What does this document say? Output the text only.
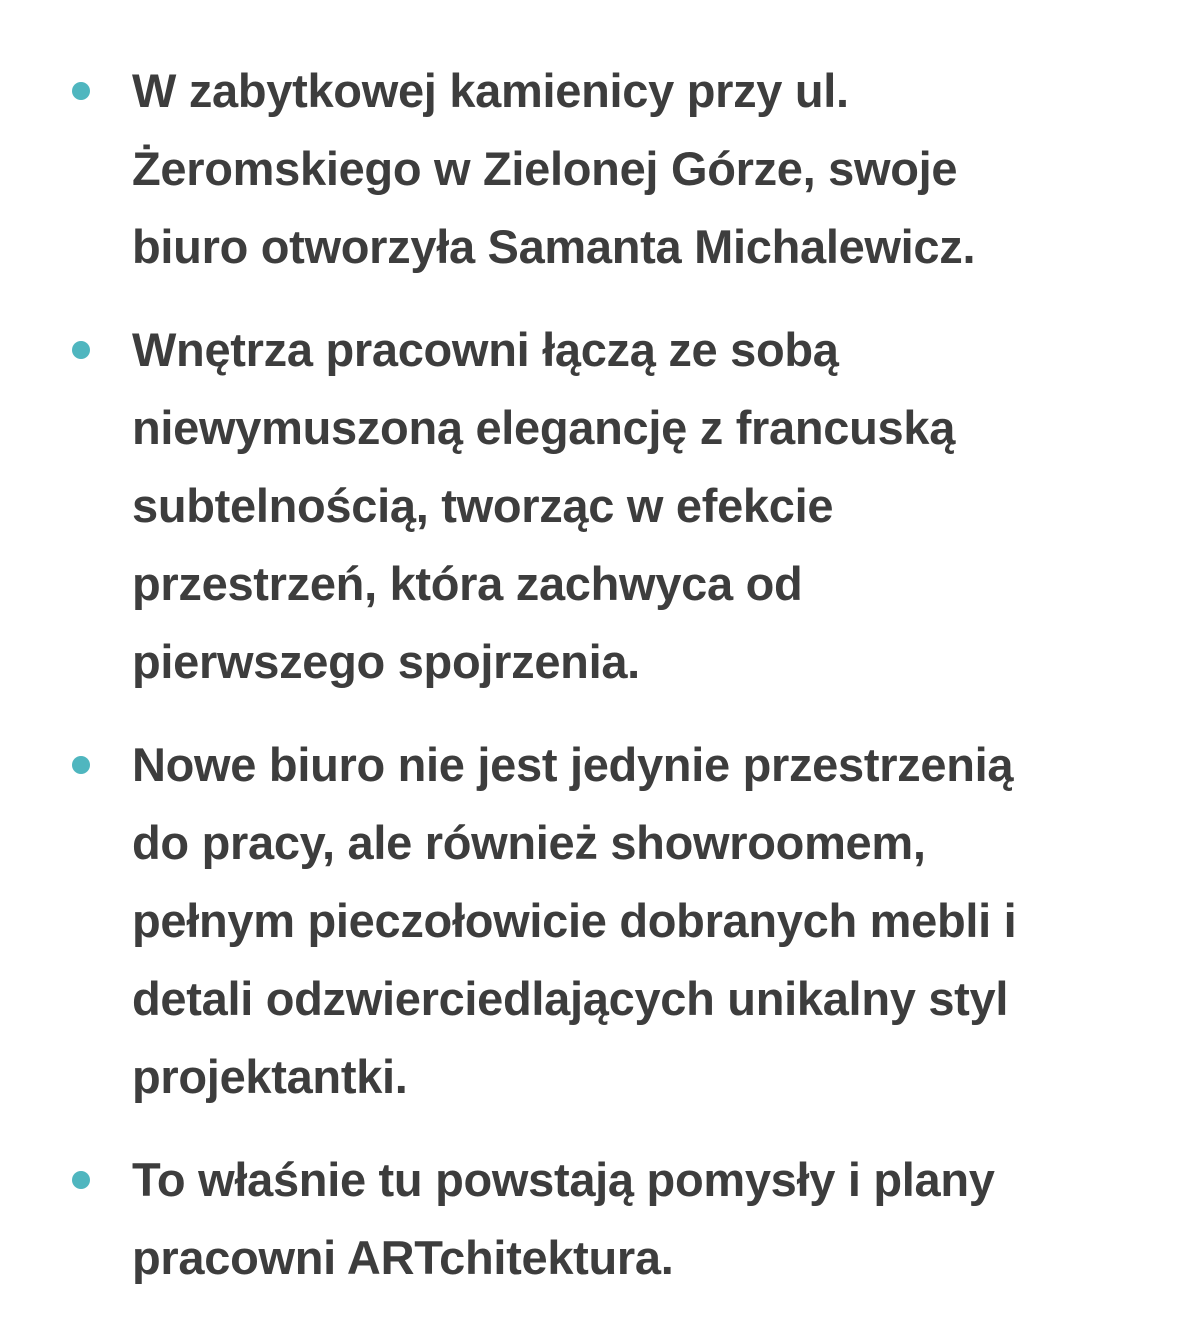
W zabytkowej kamienicy przy ul.
Żeromskiego w Zielonej Górze, swoje
biuro otworzyła Samanta Michalewicz.
Wnętrza pracowni łączą ze sobą
niewymuszoną elegancję z francuską
subtelnością, tworząc w efekcie
przestrzeń, która zachwyca od
pierwszego spojrzenia.
Nowe biuro nie jest jedynie przestrzenią
do pracy, ale również showroomem,
pełnym pieczołowicie dobranych mebli i
detali odzwierciedlających unikalny styl
projektantki.
To właśnie tu powstają pomysły i plany
pracowni ARTchitektura.
